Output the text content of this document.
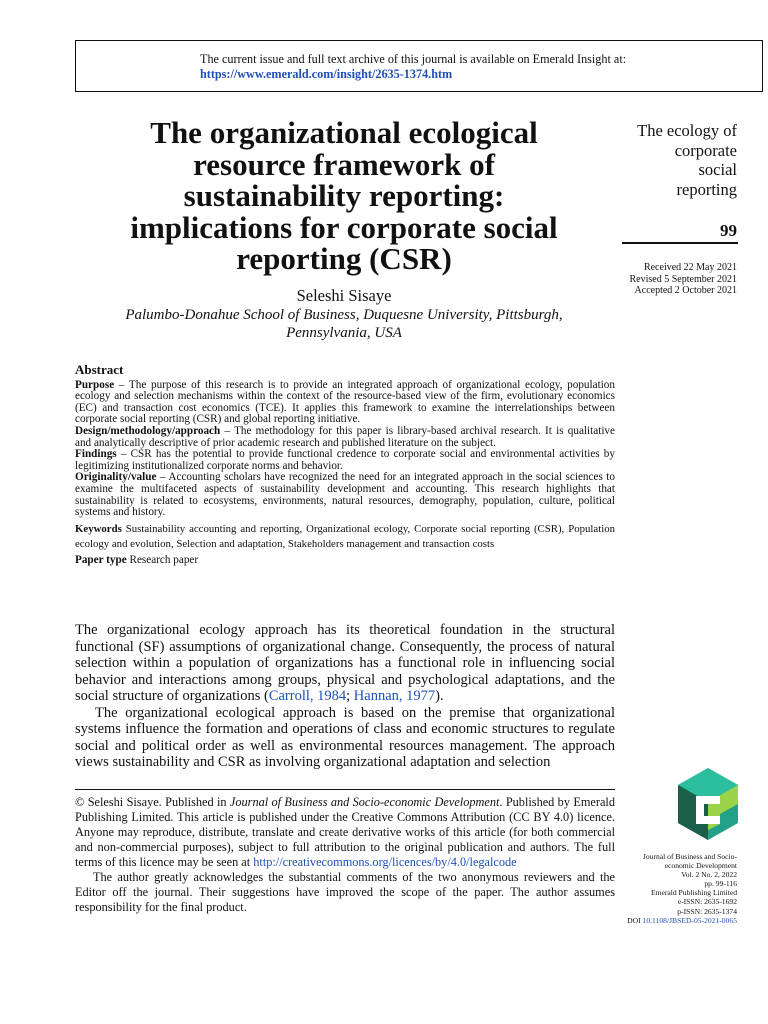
The current issue and full text archive of this journal is available on Emerald Insight at:
https://www.emerald.com/insight/2635-1374.htm
The organizational ecological
resource framework of
sustainability reporting:
implications for corporate social
reporting (CSR)
Seleshi Sisaye
Palumbo-Donahue School of Business, Duquesne University, Pittsburgh,
Pennsylvania, USA
The ecology of
corporate
social
reporting
99
Received 22 May 2021
Revised 5 September 2021
Accepted 2 October 2021
Abstract

Purpose – The purpose of this research is to provide an integrated approach of organizational ecology, population ecology and selection mechanisms within the context of the resource-based view of the firm, evolutionary economics (EC) and transaction cost economics (TCE). It applies this framework to examine the interrelationships between corporate social reporting (CSR) and global reporting initiative.

Design/methodology/approach – The methodology for this paper is library-based archival research. It is qualitative and analytically descriptive of prior academic research and published literature on the subject.

Findings – CSR has the potential to provide functional credence to corporate social and environmental activities by legitimizing institutionalized corporate norms and behavior.

Originality/value – Accounting scholars have recognized the need for an integrated approach in the social sciences to examine the multifaceted aspects of sustainability development and accounting. This research highlights that sustainability is related to ecosystems, environments, natural resources, demography, population, culture, political systems and history.

Keywords Sustainability accounting and reporting, Organizational ecology, Corporate social reporting (CSR), Population ecology and evolution, Selection and adaptation, Stakeholders management and transaction costs

Paper type Research paper

The organizational ecology approach has its theoretical foundation in the structural functional (SF) assumptions of organizational change. Consequently, the process of natural selection within a population of organizations has a functional role in influencing social behavior and interactions among groups, physical and psychological adaptations, and the social structure of organizations (Carroll, 1984; Hannan, 1977).

The organizational ecological approach is based on the premise that organizational systems influence the formation and operations of class and economic structures to regulate social and political order as well as environmental resources management. The approach views sustainability and CSR as involving organizational adaptation and selection

© Seleshi Sisaye. Published in Journal of Business and Socio-economic Development. Published by Emerald Publishing Limited. This article is published under the Creative Commons Attribution (CC BY 4.0) licence. Anyone may reproduce, distribute, translate and create derivative works of this article (for both commercial and non-commercial purposes), subject to full attribution to the original publication and authors. The full terms of this licence may be seen at http://creativecommons.org/licences/by/4.0/legalcode

The author greatly acknowledges the substantial comments of the two anonymous reviewers and the Editor off the journal. Their suggestions have improved the scope of the paper. The author assumes responsibility for the final product.

Journal of Business and Socio-
economic Development
Vol. 2 No. 2, 2022
pp. 99-116
Emerald Publishing Limited
e-ISSN: 2635-1692
p-ISSN: 2635-1374
DOI 10.1108/JBSED-05-2021-0065
